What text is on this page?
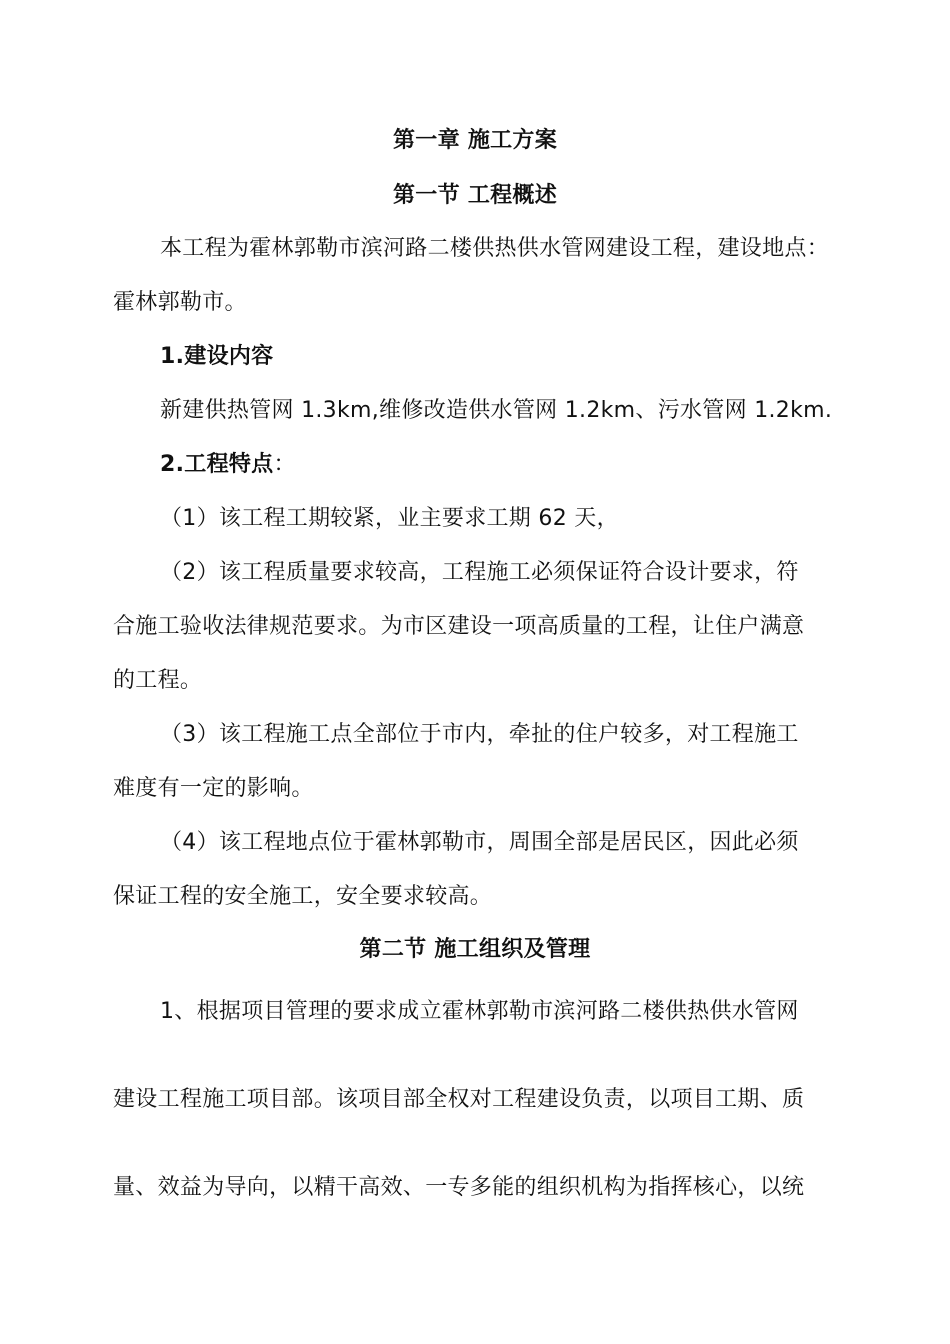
第一章 施工方案
第一节 工程概述
本工程为霍林郭勒市滨河路二楼供热供水管网建设工程，建设地点：
霍林郭勒市。
1.建设内容
新建供热管网 1.3km,维修改造供水管网 1.2km、污水管网 1.2km.
2.工程特点：
（1）该工程工期较紧，业主要求工期 62 天，
（2）该工程质量要求较高，工程施工必须保证符合设计要求，符
合施工验收法律规范要求。为市区建设一项高质量的工程，让住户满意
的工程。
（3）该工程施工点全部位于市内，牵扯的住户较多，对工程施工
难度有一定的影响。
（4）该工程地点位于霍林郭勒市，周围全部是居民区，因此必须
保证工程的安全施工，安全要求较高。
第二节 施工组织及管理
1、根据项目管理的要求成立霍林郭勒市滨河路二楼供热供水管网
建设工程施工项目部。该项目部全权对工程建设负责，以项目工期、质
量、效益为导向，以精干高效、一专多能的组织机构为指挥核心，以统
